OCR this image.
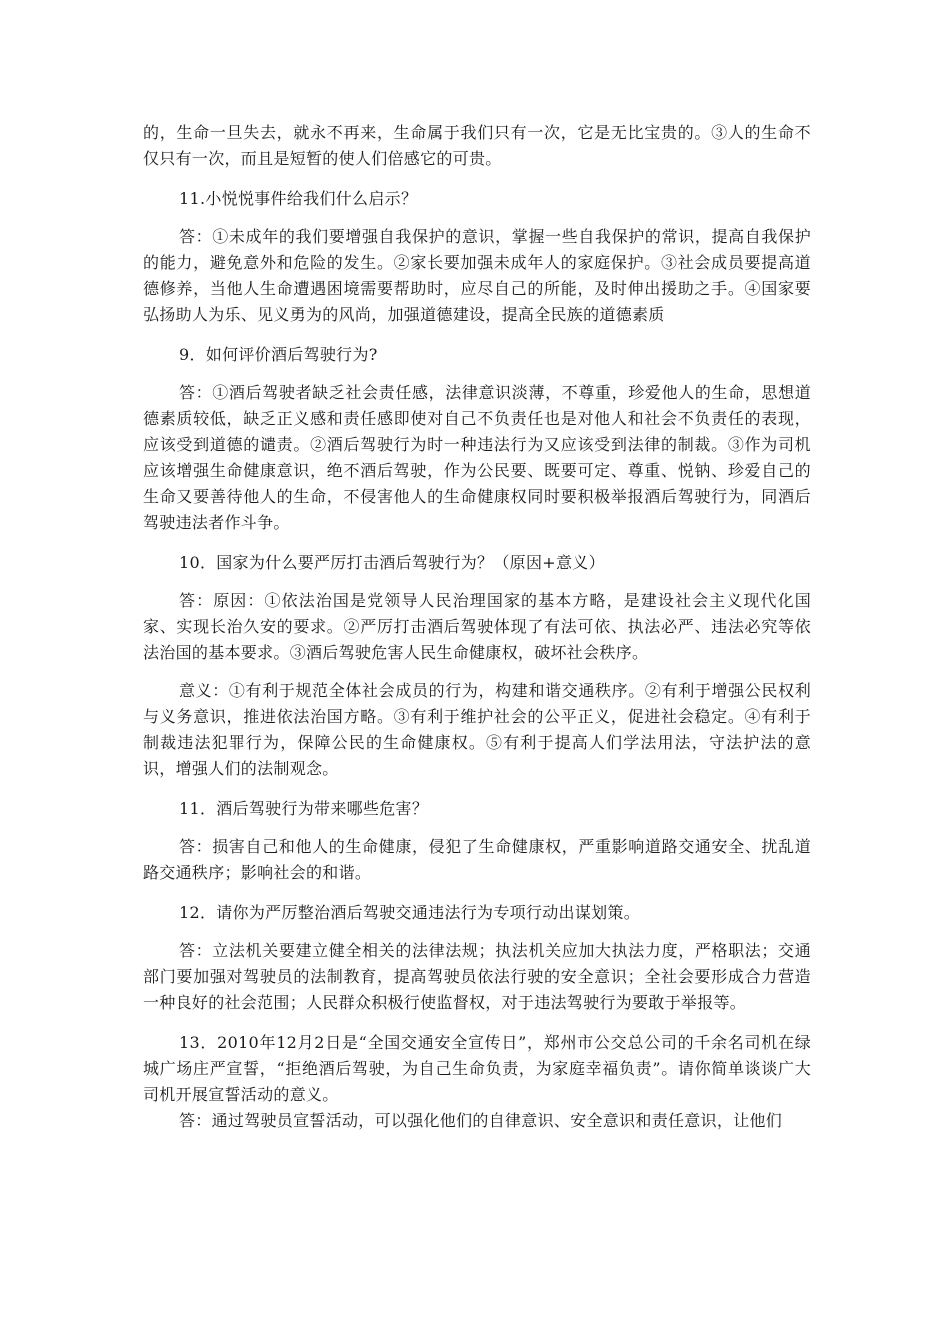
的，生命一旦失去，就永不再来，生命属于我们只有一次，它是无比宝贵的。③人的生命不仅只有一次，而且是短暂的使人们倍感它的可贵。

11.小悦悦事件给我们什么启示？

答：①未成年的我们要增强自我保护的意识，掌握一些自我保护的常识，提高自我保护的能力，避免意外和危险的发生。②家长要加强未成年人的家庭保护。③社会成员要提高道德修养，当他人生命遭遇困境需要帮助时，应尽自己的所能，及时伸出援助之手。④国家要弘扬助人为乐、见义勇为的风尚，加强道德建设，提高全民族的道德素质

9．如何评价酒后驾驶行为?

答：①酒后驾驶者缺乏社会责任感，法律意识淡薄，不尊重，珍爱他人的生命，思想道德素质较低，缺乏正义感和责任感即使对自己不负责任也是对他人和社会不负责任的表现，应该受到道德的谴责。②酒后驾驶行为时一种违法行为又应该受到法律的制裁。③作为司机应该增强生命健康意识，绝不酒后驾驶，作为公民要、既要可定、尊重、悦钠、珍爱自己的生命又要善待他人的生命，不侵害他人的生命健康权同时要积极举报酒后驾驶行为，同酒后驾驶违法者作斗争。

10．国家为什么要严厉打击酒后驾驶行为？（原因+意义）

答：原因：①依法治国是党领导人民治理国家的基本方略，是建设社会主义现代化国家、实现长治久安的要求。②严厉打击酒后驾驶体现了有法可依、执法必严、违法必究等依法治国的基本要求。③酒后驾驶危害人民生命健康权，破坏社会秩序。

意义：①有利于规范全体社会成员的行为，构建和谐交通秩序。②有利于增强公民权利与义务意识，推进依法治国方略。③有利于维护社会的公平正义，促进社会稳定。④有利于制裁违法犯罪行为，保障公民的生命健康权。⑤有利于提高人们学法用法，守法护法的意识，增强人们的法制观念。

11．酒后驾驶行为带来哪些危害？

答：损害自己和他人的生命健康，侵犯了生命健康权，严重影响道路交通安全、扰乱道路交通秩序；影响社会的和谐。

12．请你为严厉整治酒后驾驶交通违法行为专项行动出谋划策。

答：立法机关要建立健全相关的法律法规；执法机关应加大执法力度，严格职法；交通部门要加强对驾驶员的法制教育，提高驾驶员依法行驶的安全意识；全社会要形成合力营造一种良好的社会范围；人民群众积极行使监督权，对于违法驾驶行为要敢于举报等。

13．2010年12月2日是“全国交通安全宣传日”，郑州市公交总公司的千余名司机在绿城广场庄严宣誓，“拒绝酒后驾驶，为自己生命负责，为家庭幸福负责”。请你简单谈谈广大司机开展宣誓活动的意义。

答：通过驾驶员宣誓活动，可以强化他们的自律意识、安全意识和责任意识，让他们
